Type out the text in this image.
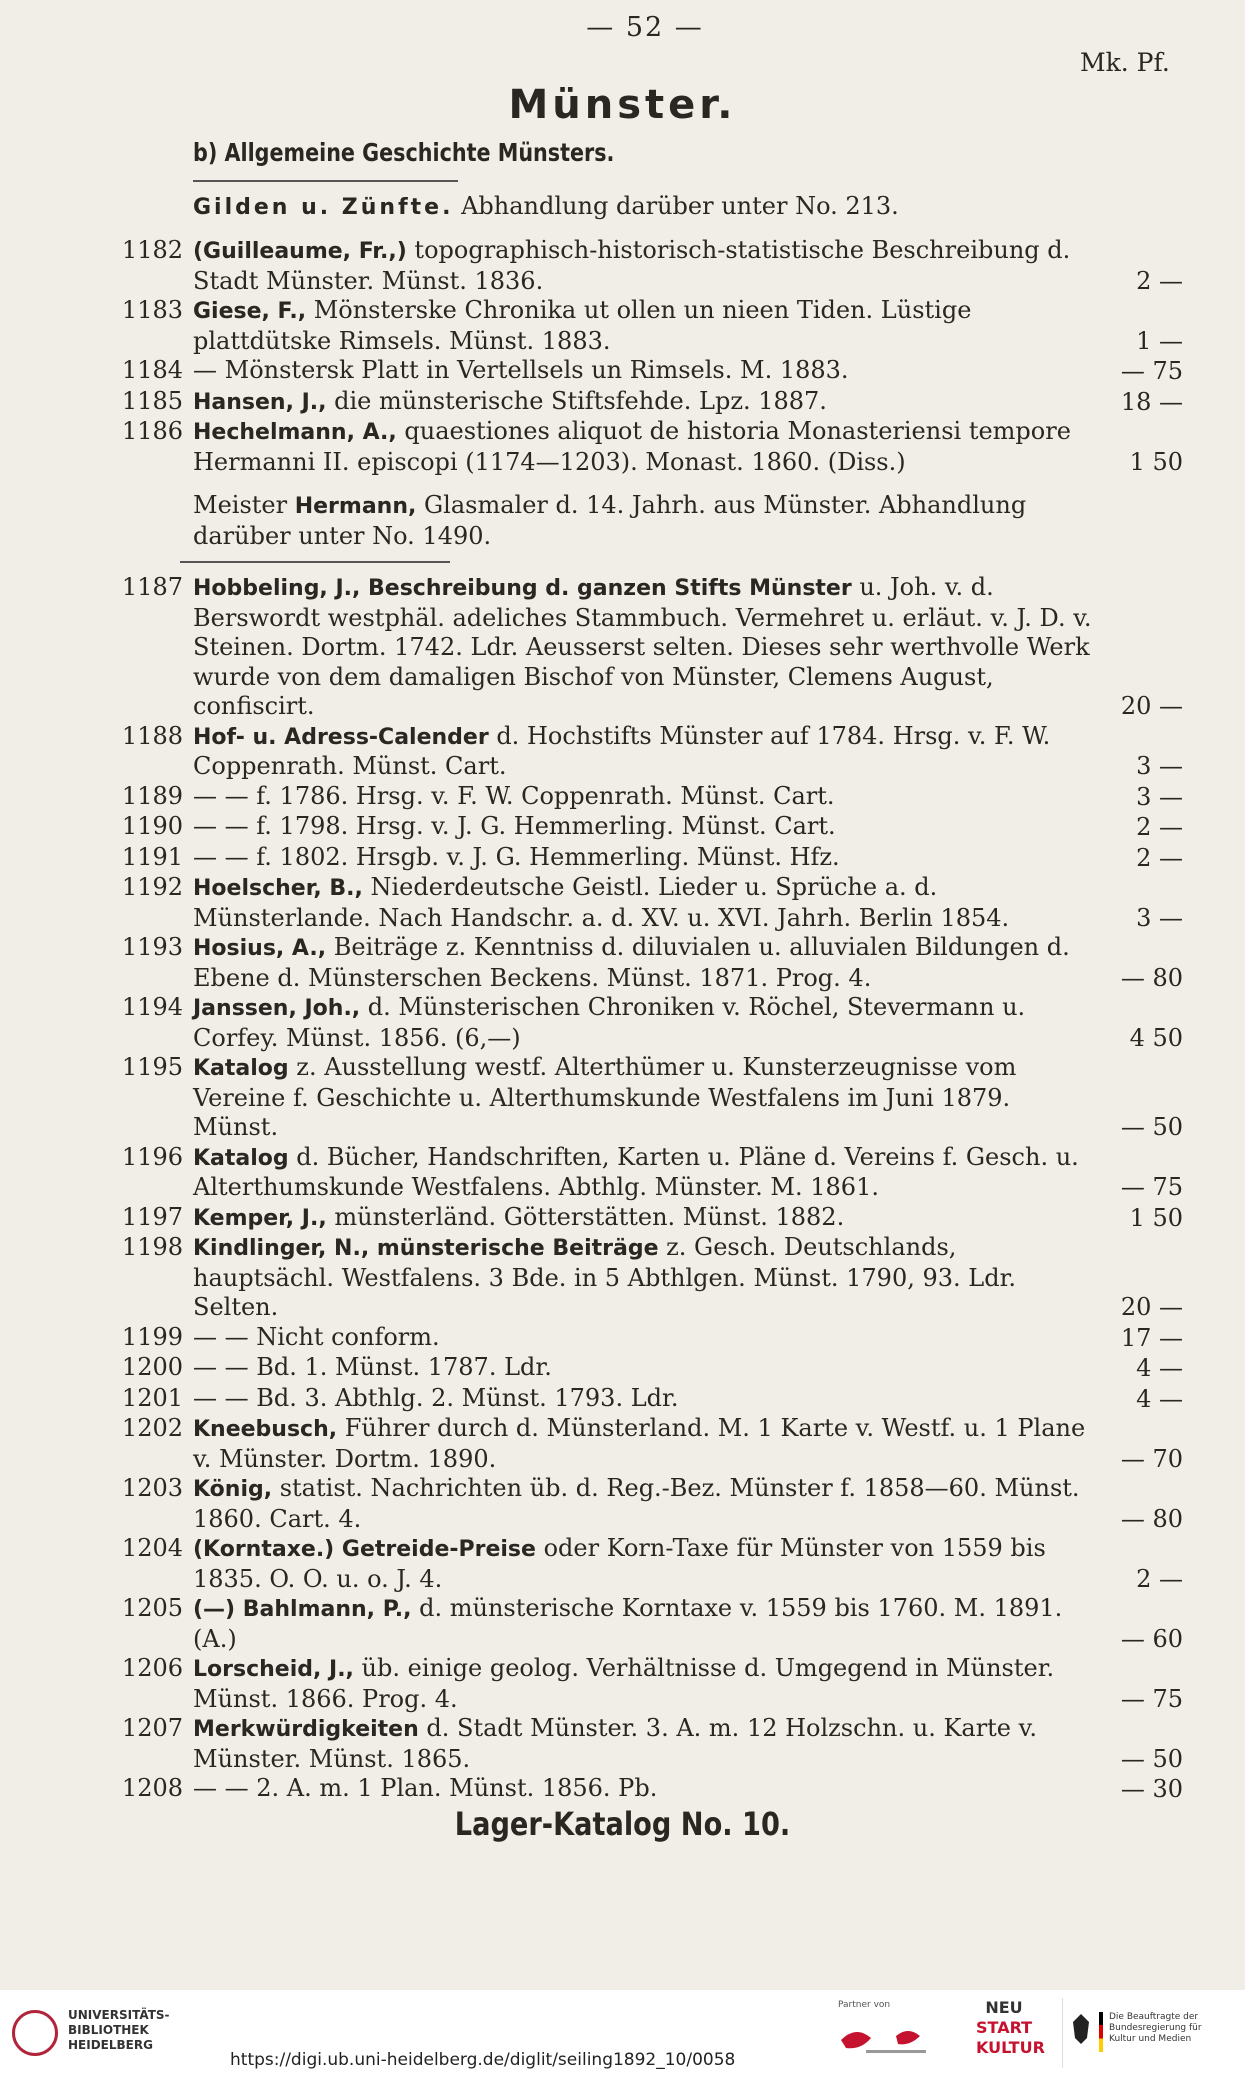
— 52 —
Mk. Pf.
Münster.
b) Allgemeine Geschichte Münsters.
Gilden u. Zünfte. Abhandlung darüber unter No. 213.
1182 (Guilleaume, Fr.,) topographisch-historisch-statistische Beschreibung d. Stadt Münster. Münst. 1836.	2 —
1183 Giese, F., Mönsterske Chronika ut ollen un nieen Tiden. Lüstige plattdütske Rimsels. Münst. 1883.	1 —
1184 — Mönstersk Platt in Vertellsels un Rimsels. M. 1883.	— 75
1185 Hansen, J., die münsterische Stiftsfehde. Lpz. 1887.	18 —
1186 Hechelmann, A., quaestiones aliquot de historia Monasteriensi tempore Hermanni II. episcopi (1174—1203). Monast. 1860. (Diss.)	1 50
Meister Hermann, Glasmaler d. 14. Jahrh. aus Münster. Abhandlung darüber unter No. 1490.
1187 Hobbeling, J., Beschreibung d. ganzen Stifts Münster u. Joh. v. d. Berswordt westphäl. adeliches Stammbuch. Vermehret u. erläut. v. J. D. v. Steinen. Dortm. 1742. Ldr. Aeusserst selten. Dieses sehr werthvolle Werk wurde von dem damaligen Bischof von Münster, Clemens August, confiscirt.	20 —
1188 Hof- u. Adress-Calender d. Hochstifts Münster auf 1784. Hrsg. v. F. W. Coppenrath. Münst. Cart.	3 —
1189 — — f. 1786. Hrsg. v. F. W. Coppenrath. Münst. Cart.	3 —
1190 — — f. 1798. Hrsg. v. J. G. Hemmerling. Münst. Cart.	2 —
1191 — — f. 1802. Hrsgb. v. J. G. Hemmerling. Münst. Hfz.	2 —
1192 Hoelscher, B., Niederdeutsche Geistl. Lieder u. Sprüche a. d. Münsterlande. Nach Handschr. a. d. XV. u. XVI. Jahrh. Berlin 1854.	3 —
1193 Hosius, A., Beiträge z. Kenntniss d. diluvialen u. alluvialen Bildungen d. Ebene d. Münsterschen Beckens. Münst. 1871. Prog. 4.	— 80
1194 Janssen, Joh., d. Münsterischen Chroniken v. Röchel, Stevermann u. Corfey. Münst. 1856. (6,—)	4 50
1195 Katalog z. Ausstellung westf. Alterthümer u. Kunsterzeugnisse vom Vereine f. Geschichte u. Alterthumskunde Westfalens im Juni 1879. Münst.	— 50
1196 Katalog d. Bücher, Handschriften, Karten u. Pläne d. Vereins f. Gesch. u. Alterthumskunde Westfalens. Abthlg. Münster. M. 1861.	— 75
1197 Kemper, J., münsterländ. Götterstätten. Münst. 1882.	1 50
1198 Kindlinger, N., münsterische Beiträge z. Gesch. Deutschlands, hauptsächl. Westfalens. 3 Bde. in 5 Abthlgen. Münst. 1790, 93. Ldr. Selten.	20 —
1199 — — Nicht conform.	17 —
1200 — — Bd. 1. Münst. 1787. Ldr.	4 —
1201 — — Bd. 3. Abthlg. 2. Münst. 1793. Ldr.	4 —
1202 Kneebusch, Führer durch d. Münsterland. M. 1 Karte v. Westf. u. 1 Plane v. Münster. Dortm. 1890.	— 70
1203 König, statist. Nachrichten üb. d. Reg.-Bez. Münster f. 1858—60. Münst. 1860. Cart. 4.	— 80
1204 (Korntaxe.) Getreide-Preise oder Korn-Taxe für Münster von 1559 bis 1835. O. O. u. o. J. 4.	2 —
1205 (—) Bahlmann, P., d. münsterische Korntaxe v. 1559 bis 1760. M. 1891. (A.)	— 60
1206 Lorscheid, J., üb. einige geolog. Verhältnisse d. Umgegend in Münster. Münst. 1866. Prog. 4.	— 75
1207 Merkwürdigkeiten d. Stadt Münster. 3. A. m. 12 Holzschn. u. Karte v. Münster. Münst. 1865.	— 50
1208 — — 2. A. m. 1 Plan. Münst. 1856. Pb.	— 30
Lager-Katalog No. 10.
UNIVERSITÄTS- BIBLIOTHEK HEIDELBERG
https://digi.ub.uni-heidelberg.de/diglit/seiling1892_10/0058
Partner von	NEU
START
KULTUR
Die Beauftragte der Bundesregierung für Kultur und Medien
